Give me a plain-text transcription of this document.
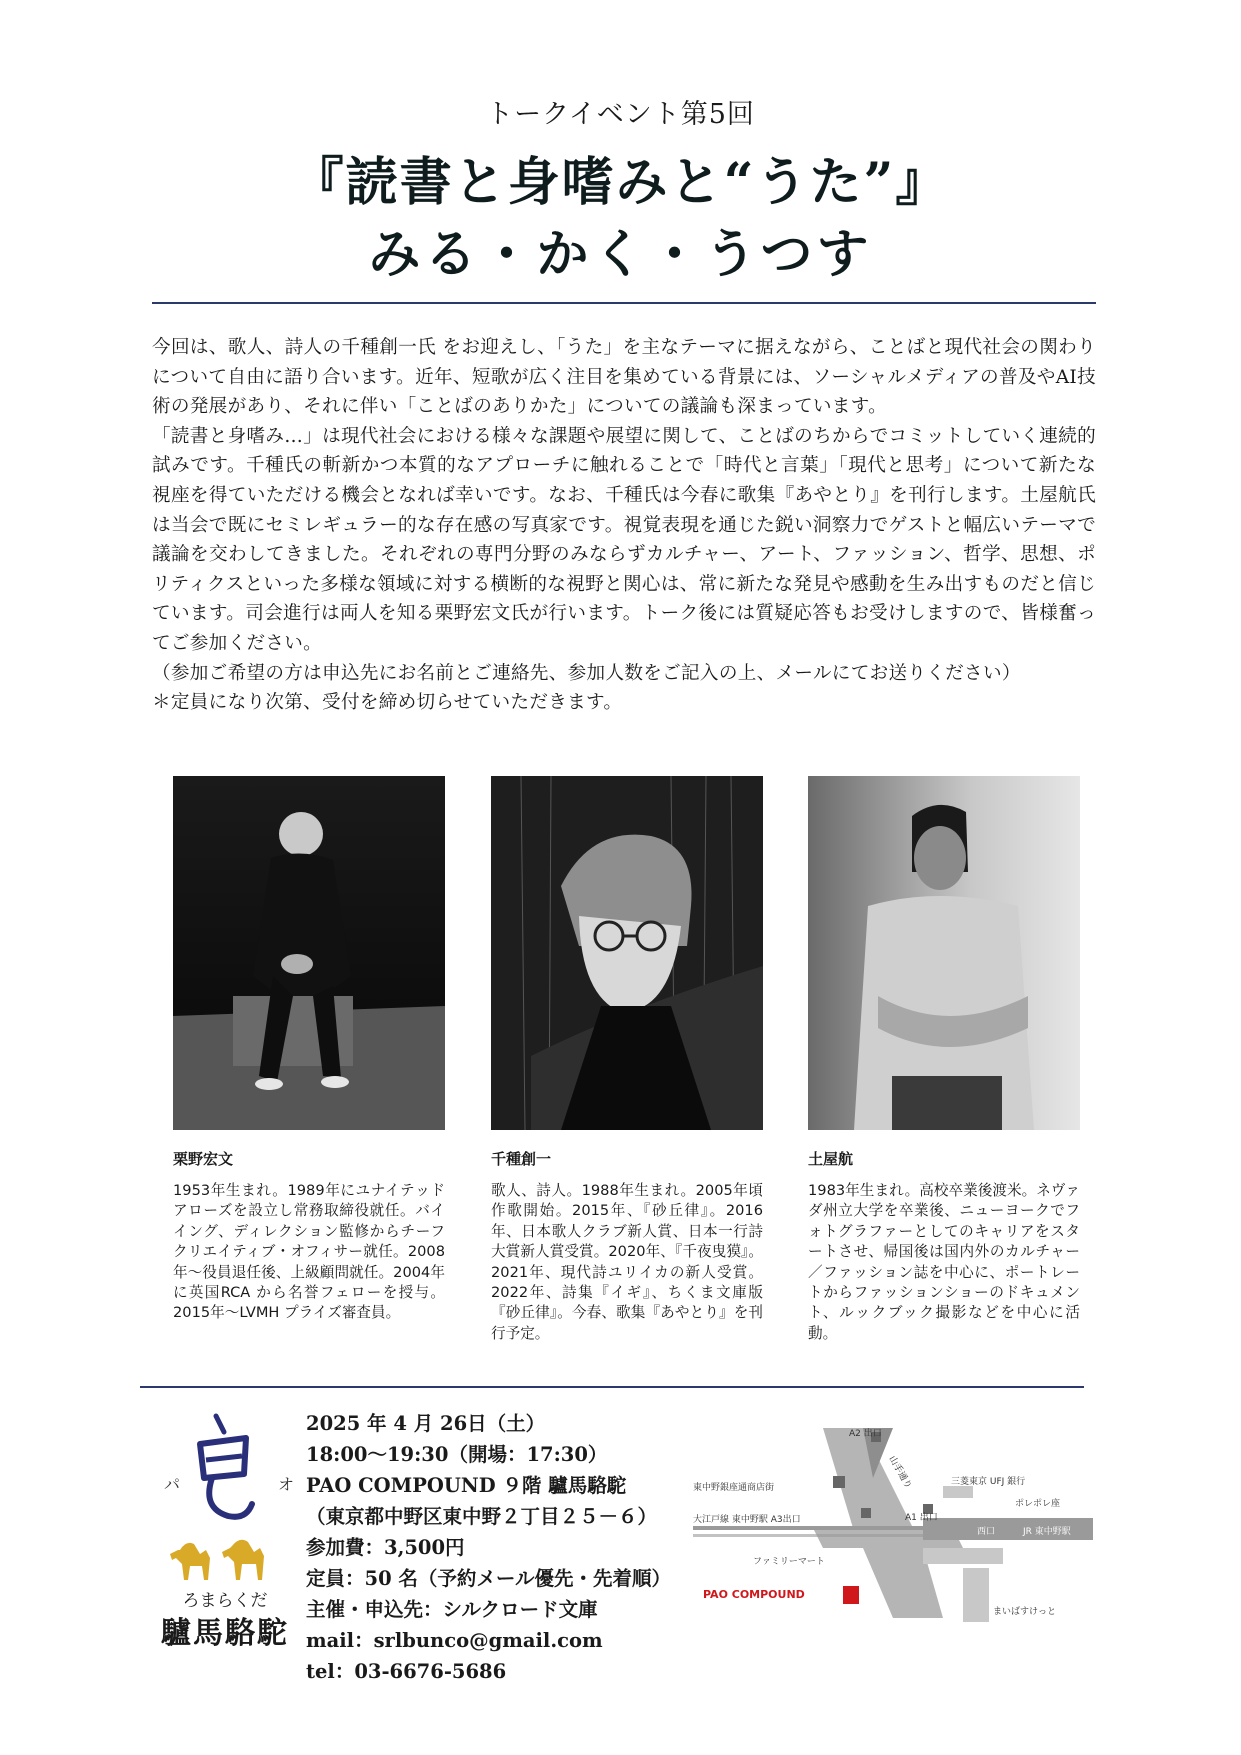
トークイベント第5回
『読書と身嗜みと“うた”』
みる・かく・うつす

今回は、歌人、詩人の千種創一氏 をお迎えし、「うた」を主なテーマに据えながら、ことばと現代社会の関わりについて自由に語り合います。近年、短歌が広く注目を集めている背景には、ソーシャルメディアの普及やAI技術の発展があり、それに伴い「ことばのありかた」についての議論も深まっています。

「読書と身嗜み…」は現代社会における様々な課題や展望に関して、ことばのちからでコミットしていく連続的試みです。千種氏の斬新かつ本質的なアプローチに触れることで「時代と言葉」「現代と思考」について新たな視座を得ていただける機会となれば幸いです。なお、千種氏は今春に歌集『あやとり』を刊行します。土屋航氏は当会で既にセミレギュラー的な存在感の写真家です。視覚表現を通じた鋭い洞察力でゲストと幅広いテーマで議論を交わしてきました。それぞれの専門分野のみならずカルチャー、アート、ファッション、哲学、思想、ポリティクスといった多様な領域に対する横断的な視野と関心は、常に新たな発見や感動を生み出すものだと信じています。司会進行は両人を知る栗野宏文氏が行います。トーク後には質疑応答もお受けしますので、皆様奮ってご参加ください。

（参加ご希望の方は申込先にお名前とご連絡先、参加人数をご記入の上、メールにてお送りください）

＊定員になり次第、受付を締め切らせていただきます。

栗野宏文
1953年生まれ。1989年にユナイテッドアローズを設立し常務取締役就任。バイイング、ディレクション監修からチーフクリエイティブ・オフィサー就任。2008年〜役員退任後、上級顧問就任。2004年に英国RCA から名誉フェローを授与。2015年〜LVMH プライズ審査員。
千種創一
歌人、詩人。1988年生まれ。2005年頃作歌開始。2015年、『砂丘律』。2016年、日本歌人クラブ新人賞、日本一行詩大賞新人賞受賞。2020年、『千夜曳獏』。2021年、現代詩ユリイカの新人受賞。2022年、詩集『イギ』、ちくま文庫版『砂丘律』。今春、歌集『あやとり』を刊行予定。
土屋航
1983年生まれ。高校卒業後渡米。ネヴァダ州立大学を卒業後、ニューヨークでフォトグラファーとしてのキャリアをスタートさせ、帰国後は国内外のカルチャー／ファッション誌を中心に、ポートレートからファッションショーのドキュメント、ルックブック撮影などを中心に活動。
パ	オ
ろまらくだ
驢馬駱駝
2025 年 4 月 26日（土）
18:00〜19:30（開場：17:30）
PAO COMPOUND ９階 驢馬駱駝
（東京都中野区東中野２丁目２５－６）
参加費：3,500円
定員：50 名（予約メール優先・先着順）
主催・申込先：シルクロード文庫
mail：srlbunco@gmail.com
tel：03-6676-5686
A2 出口
山手通り
東中野銀座通商店街
三菱東京 UFJ 銀行
大江戸線 東中野駅 A3出口	A1 出口
ポレポレ座
西口	JR 東中野駅
ファミリーマート
PAO COMPOUND
まいばすけっと
